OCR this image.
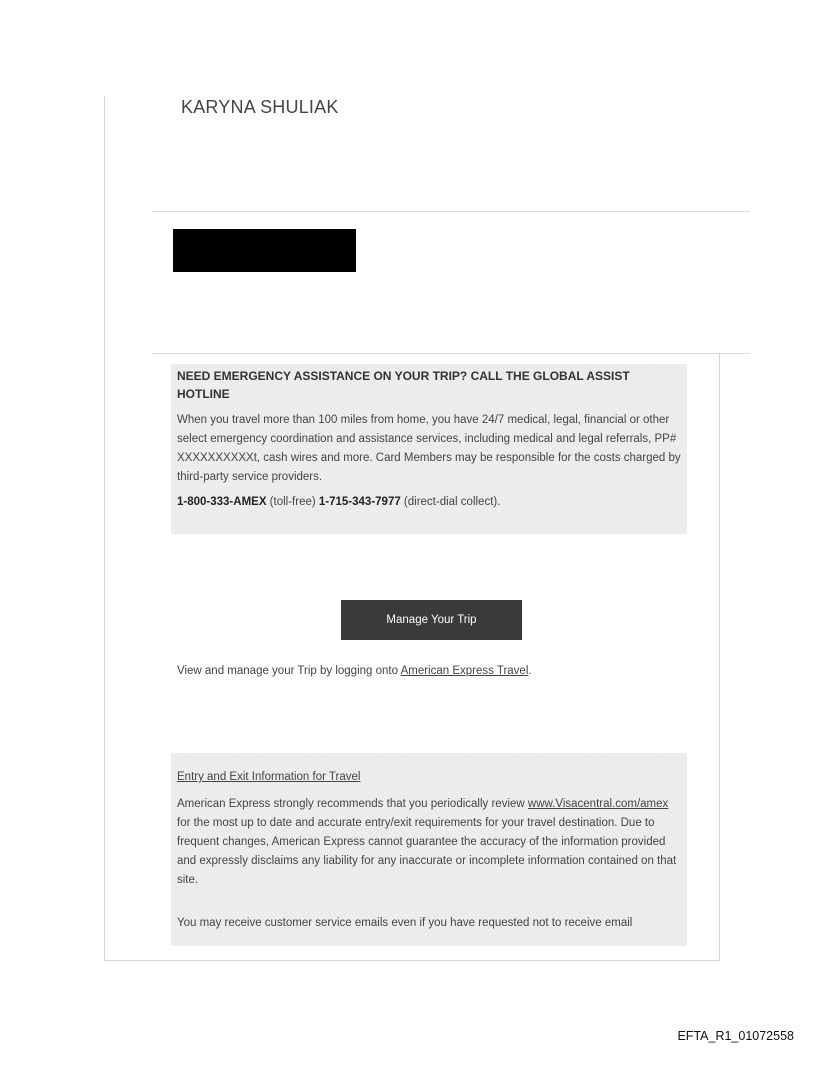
KARYNA SHULIAK
NEED EMERGENCY ASSISTANCE ON YOUR TRIP? CALL THE GLOBAL ASSIST HOTLINE

When you travel more than 100 miles from home, you have 24/7 medical, legal, financial or other select emergency coordination and assistance services, including medical and legal referrals, PP# XXXXXXXXXXt, cash wires and more. Card Members may be responsible for the costs charged by third-party service providers.

1-800-333-AMEX (toll-free) 1-715-343-7977 (direct-dial collect).

Manage Your Trip
View and manage your Trip by logging onto American Express Travel.
Entry and Exit Information for Travel
American Express strongly recommends that you periodically review www.Visacentral.com/amex for the most up to date and accurate entry/exit requirements for your travel destination. Due to frequent changes, American Express cannot guarantee the accuracy of the information provided and expressly disclaims any liability for any inaccurate or incomplete information contained on that site.
You may receive customer service emails even if you have requested not to receive email
EFTA_R1_01072558
